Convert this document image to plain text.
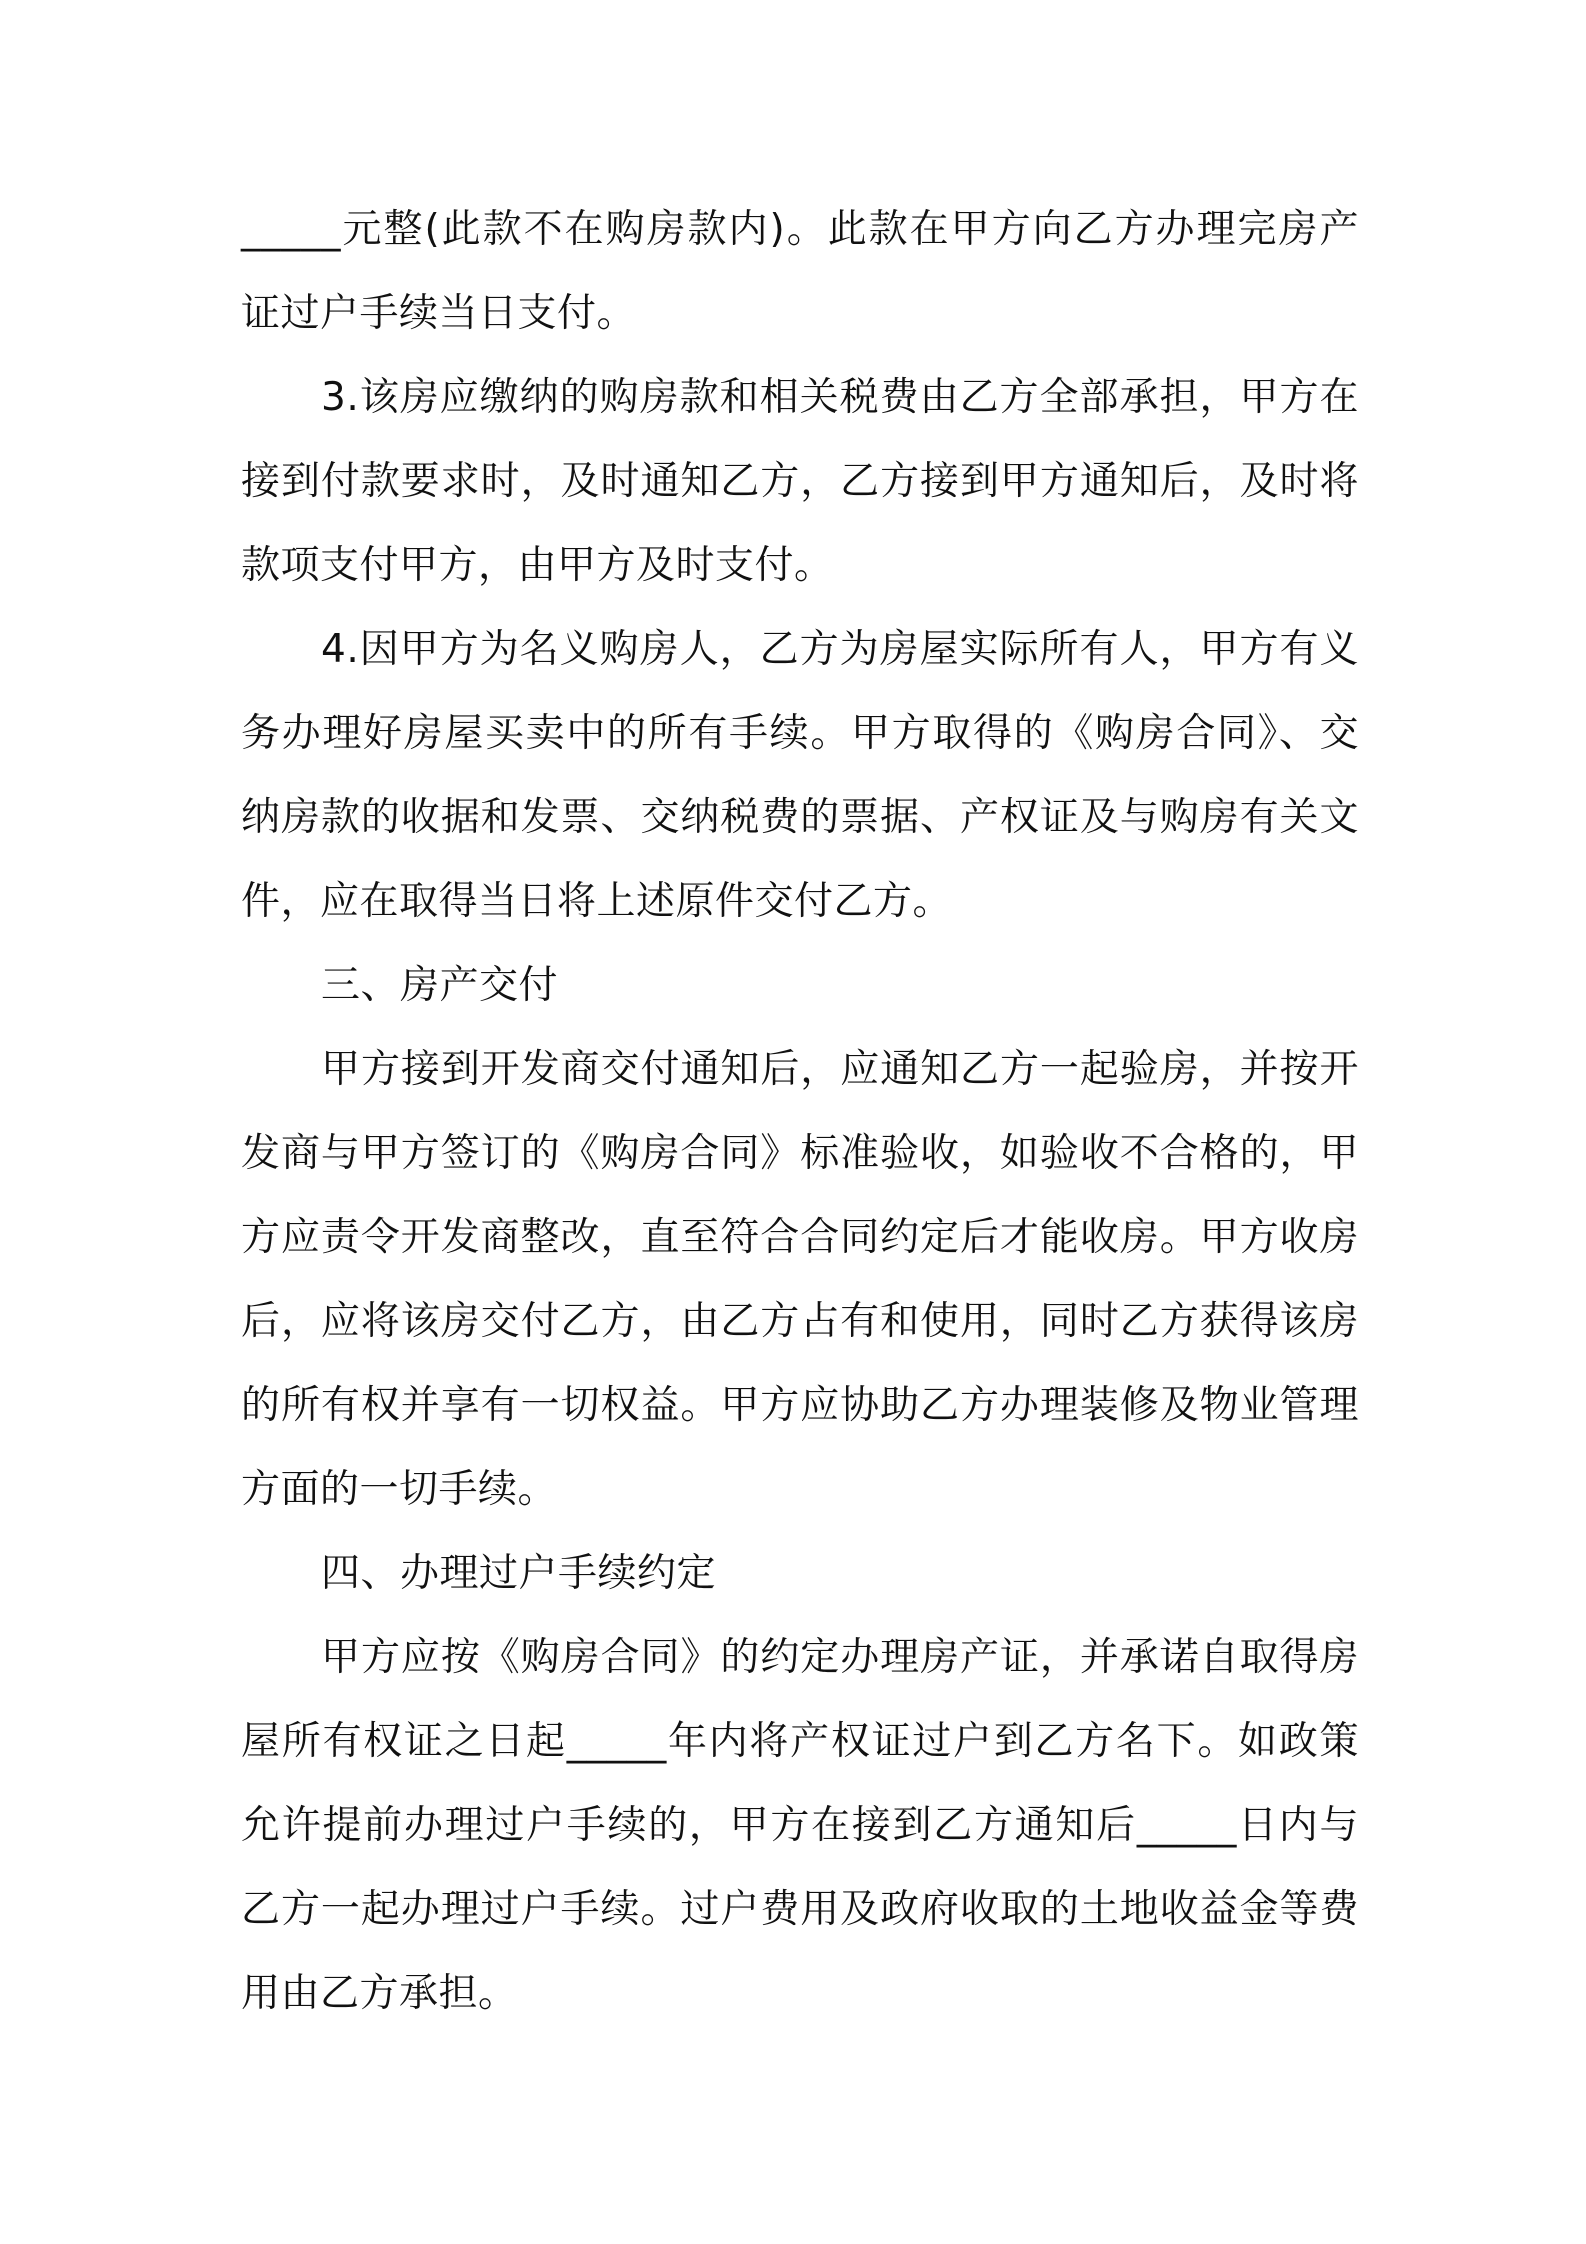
_____元整(此款不在购房款内)。此款在甲方向乙方办理完房产证过户手续当日支付。

3.该房应缴纳的购房款和相关税费由乙方全部承担，甲方在接到付款要求时，及时通知乙方，乙方接到甲方通知后，及时将款项支付甲方，由甲方及时支付。

4.因甲方为名义购房人，乙方为房屋实际所有人，甲方有义务办理好房屋买卖中的所有手续。甲方取得的《购房合同》、交纳房款的收据和发票、交纳税费的票据、产权证及与购房有关文件，应在取得当日将上述原件交付乙方。

三、房产交付

甲方接到开发商交付通知后，应通知乙方一起验房，并按开发商与甲方签订的《购房合同》标准验收，如验收不合格的，甲方应责令开发商整改，直至符合合同约定后才能收房。甲方收房后，应将该房交付乙方，由乙方占有和使用，同时乙方获得该房的所有权并享有一切权益。甲方应协助乙方办理装修及物业管理方面的一切手续。

四、办理过户手续约定

甲方应按《购房合同》的约定办理房产证，并承诺自取得房屋所有权证之日起_____年内将产权证过户到乙方名下。如政策允许提前办理过户手续的，甲方在接到乙方通知后_____日内与乙方一起办理过户手续。过户费用及政府收取的土地收益金等费用由乙方承担。
